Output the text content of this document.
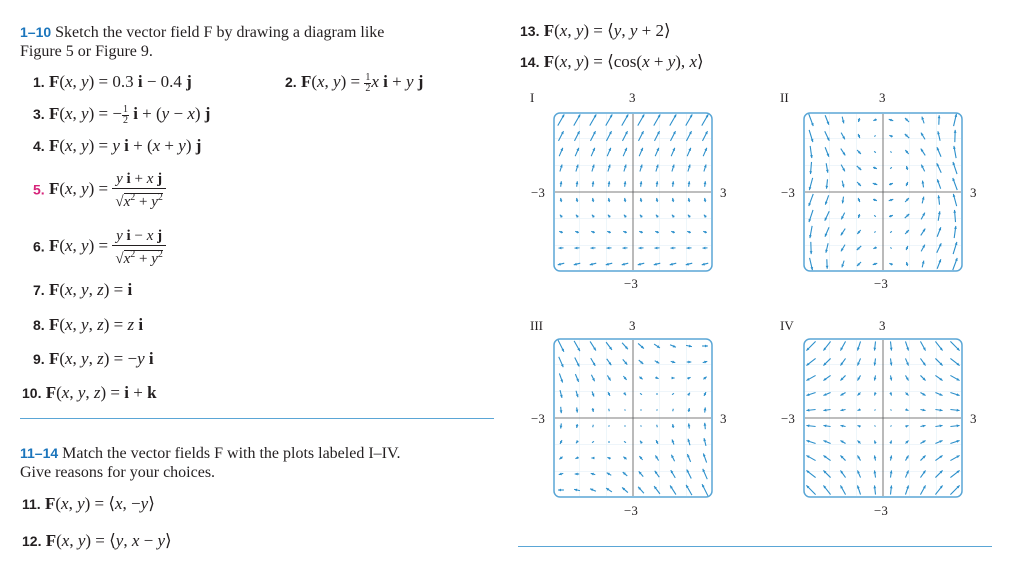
1–10 Sketch the vector field F by drawing a diagram like
Figure 5 or Figure 9.
1. F(x, y) = 0.3 i − 0.4 j	2. F(x, $y) = \frac{1}{2}$ x i + y j
3. F(x, y) = − $\frac{1}{2}$ i + (y − x) j
4. F(x, y) = y i + (x + y) j
5. F(x, $y) = \frac{\text{y i + x j}}{√x^2 + y^2}$
6. F(x, $y) = \frac{\text{y i − x j}}{√x^2 + y^2}$
7. F(x, y, z) = i
8. F(x, y, z) = z i
9. F(x, y, z) = −y i
10. F(x, y, z) = i + k
11–14 Match the vector fields F with the plots labeled I–IV.
Give reasons for your choices.
11. F(x, y) = ⟨x, −y⟩
12. F(x, y) = ⟨y, x − y⟩
13. F(x, y) = ⟨y, y + 2⟩
14. F(x, y) = ⟨cos(x + y), x⟩
I	3
−3	3
−3
II	3
−3	3
−3
III	3
−3	3
−3
IV	3
−3	3
−3
